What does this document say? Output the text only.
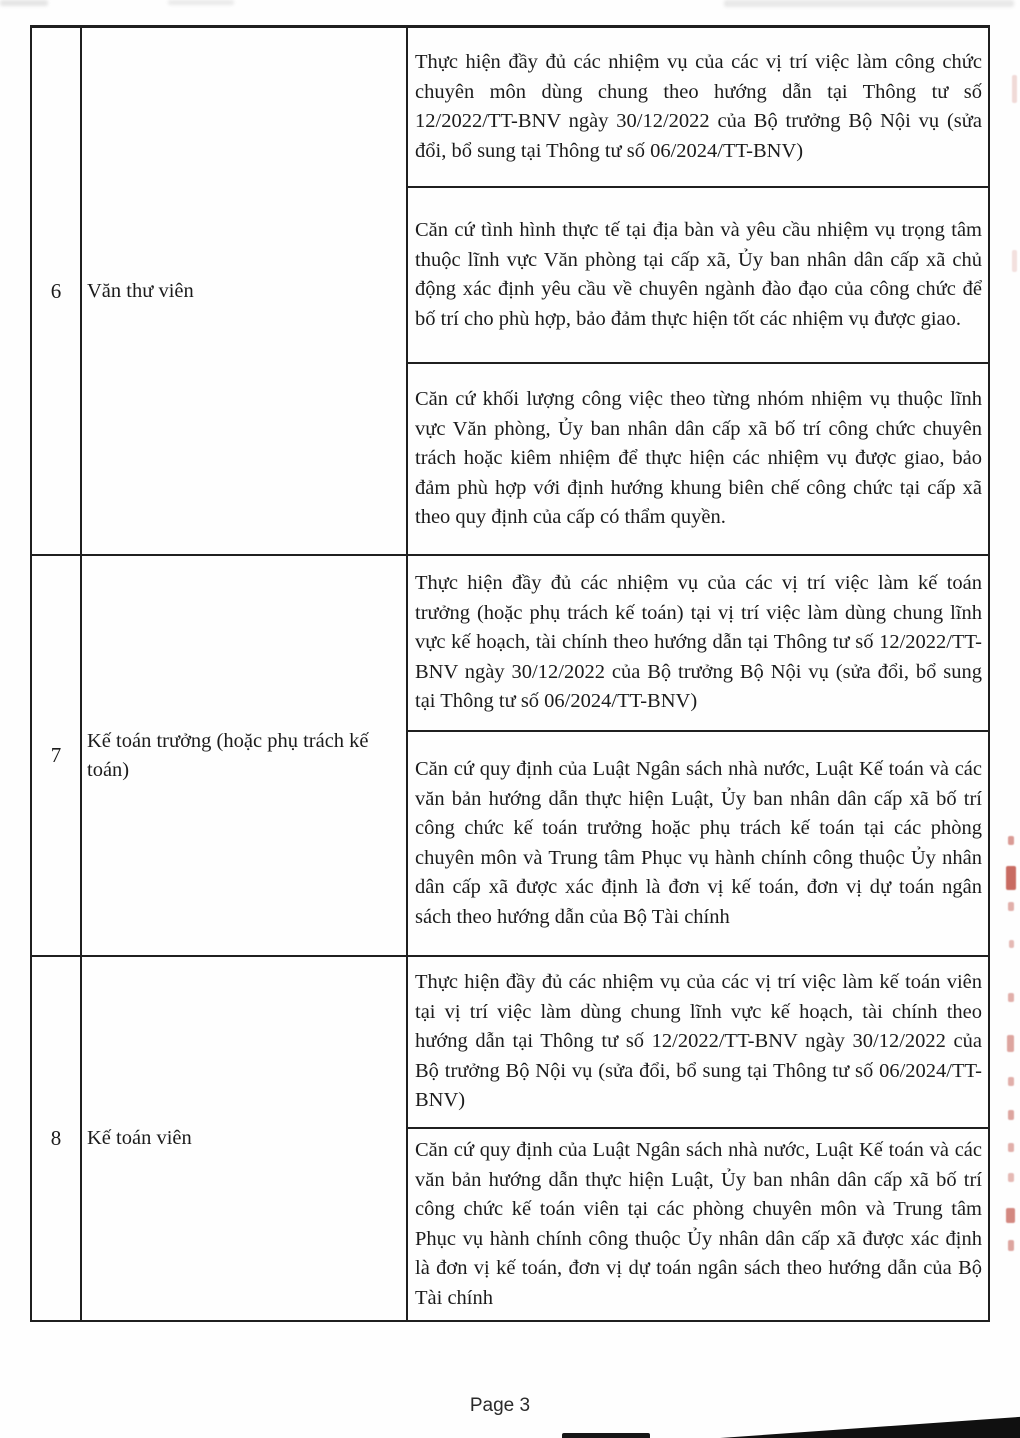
6 Văn thư viên

Thực hiện đầy đủ các nhiệm vụ của các vị trí việc làm công chức chuyên môn dùng chung theo hướng dẫn tại Thông tư số 12/2022/TT-BNV ngày 30/12/2022 của Bộ trưởng Bộ Nội vụ (sửa đổi, bổ sung tại Thông tư số 06/2024/TT-BNV)

Căn cứ tình hình thực tế tại địa bàn và yêu cầu nhiệm vụ trọng tâm thuộc lĩnh vực Văn phòng tại cấp xã, Ủy ban nhân dân cấp xã chủ động xác định yêu cầu về chuyên ngành đào đạo của công chức để bố trí cho phù hợp, bảo đảm thực hiện tốt các nhiệm vụ được giao.

Căn cứ khối lượng công việc theo từng nhóm nhiệm vụ thuộc lĩnh vực Văn phòng, Ủy ban nhân dân cấp xã bố trí công chức chuyên trách hoặc kiêm nhiệm để thực hiện các nhiệm vụ được giao, bảo đảm phù hợp với định hướng khung biên chế công chức tại cấp xã theo quy định của cấp có thẩm quyền.

7
Kế toán trưởng (hoặc phụ trách kế toán)

Thực hiện đầy đủ các nhiệm vụ của các vị trí việc làm kế toán trưởng (hoặc phụ trách kế toán) tại vị trí việc làm dùng chung lĩnh vực kế hoạch, tài chính theo hướng dẫn tại Thông tư số 12/2022/TT-BNV ngày 30/12/2022 của Bộ trưởng Bộ Nội vụ (sửa đổi, bổ sung tại Thông tư số 06/2024/TT-BNV)

Căn cứ quy định của Luật Ngân sách nhà nước, Luật Kế toán và các văn bản hướng dẫn thực hiện Luật, Ủy ban nhân dân cấp xã bố trí công chức kế toán trưởng hoặc phụ trách kế toán tại các phòng chuyên môn và Trung tâm Phục vụ hành chính công thuộc Ủy nhân dân cấp xã được xác định là đơn vị kế toán, đơn vị dự toán ngân sách theo hướng dẫn của Bộ Tài chính

8 Kế toán viên

Thực hiện đầy đủ các nhiệm vụ của các vị trí việc làm kế toán viên tại vị trí việc làm dùng chung lĩnh vực kế hoạch, tài chính theo hướng dẫn tại Thông tư số 12/2022/TT-BNV ngày 30/12/2022 của Bộ trưởng Bộ Nội vụ (sửa đổi, bổ sung tại Thông tư số 06/2024/TT-BNV)

Căn cứ quy định của Luật Ngân sách nhà nước, Luật Kế toán và các văn bản hướng dẫn thực hiện Luật, Ủy ban nhân dân cấp xã bố trí công chức kế toán viên tại các phòng chuyên môn và Trung tâm Phục vụ hành chính công thuộc Ủy nhân dân cấp xã được xác định là đơn vị kế toán, đơn vị dự toán ngân sách theo hướng dẫn của Bộ Tài chính

Page 3
